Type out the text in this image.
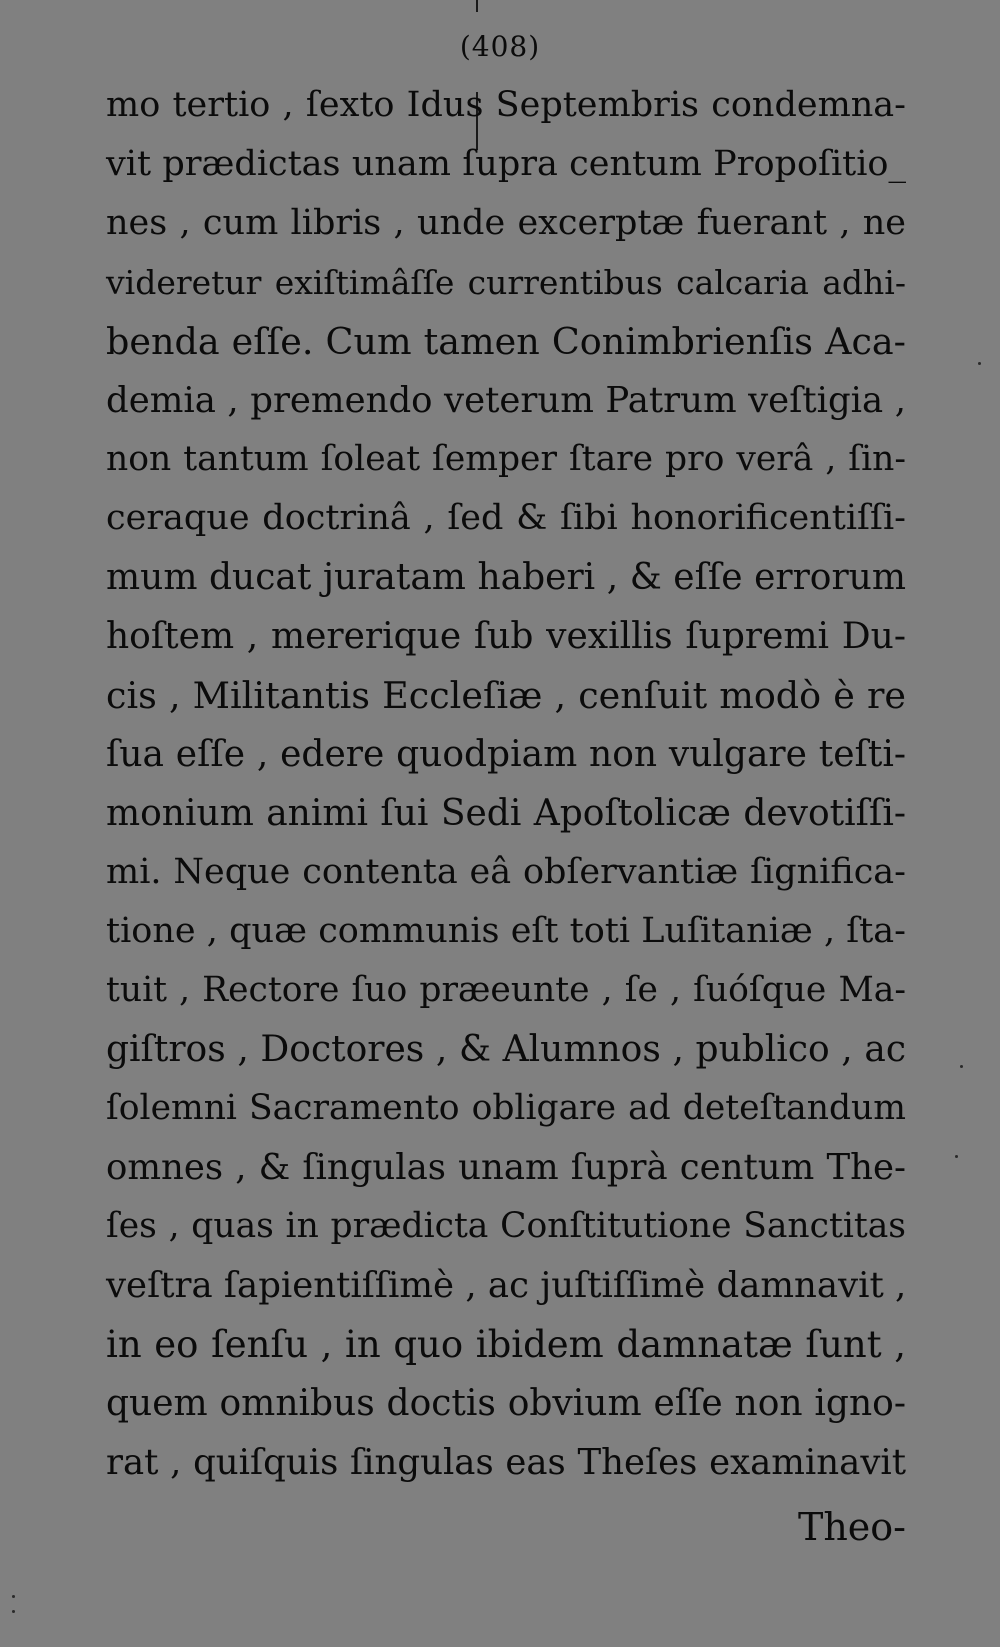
(408)
mo tertio , ſexto Idus Septembris condemna-
vit prædictas unam ſupra centum Propoſitio_
nes , cum libris , unde excerptæ fuerant , ne
videretur exiſtimâſſe currentibus calcaria adhi-
benda eſſe. Cum tamen Conimbrienſis Aca-
demia , premendo veterum Patrum veſtigia ,
non tantum ſoleat ſemper ſtare pro verâ , ſin-
ceraque doctrinâ , ſed & ſibi honorificentiſſi-
mum ducat juratam haberi , & eſſe errorum
hoſtem , mererique ſub vexillis ſupremi Du-
cis , Militantis Eccleſiæ , cenſuit modò è re
ſua eſſe , edere quodpiam non vulgare teſti-
monium animi ſui Sedi Apoſtolicæ devotiſſi-
mi. Neque contenta eâ obſervantiæ ſignifica-
tione , quæ communis eſt toti Luſitaniæ , ſta-
tuit , Rectore ſuo præeunte , ſe , ſuóſque Ma-
giſtros , Doctores , & Alumnos , publico , ac
ſolemni Sacramento obligare ad deteſtandum
omnes , & ſingulas unam ſuprà centum The-
ſes , quas in prædicta Conſtitutione Sanctitas
veſtra ſapientiſſimè , ac juſtiſſimè damnavit ,
in eo ſenſu , in quo ibidem damnatæ ſunt ,
quem omnibus doctis obvium eſſe non igno-
rat , quiſquis ſingulas eas Theſes examinavit
Theo-
